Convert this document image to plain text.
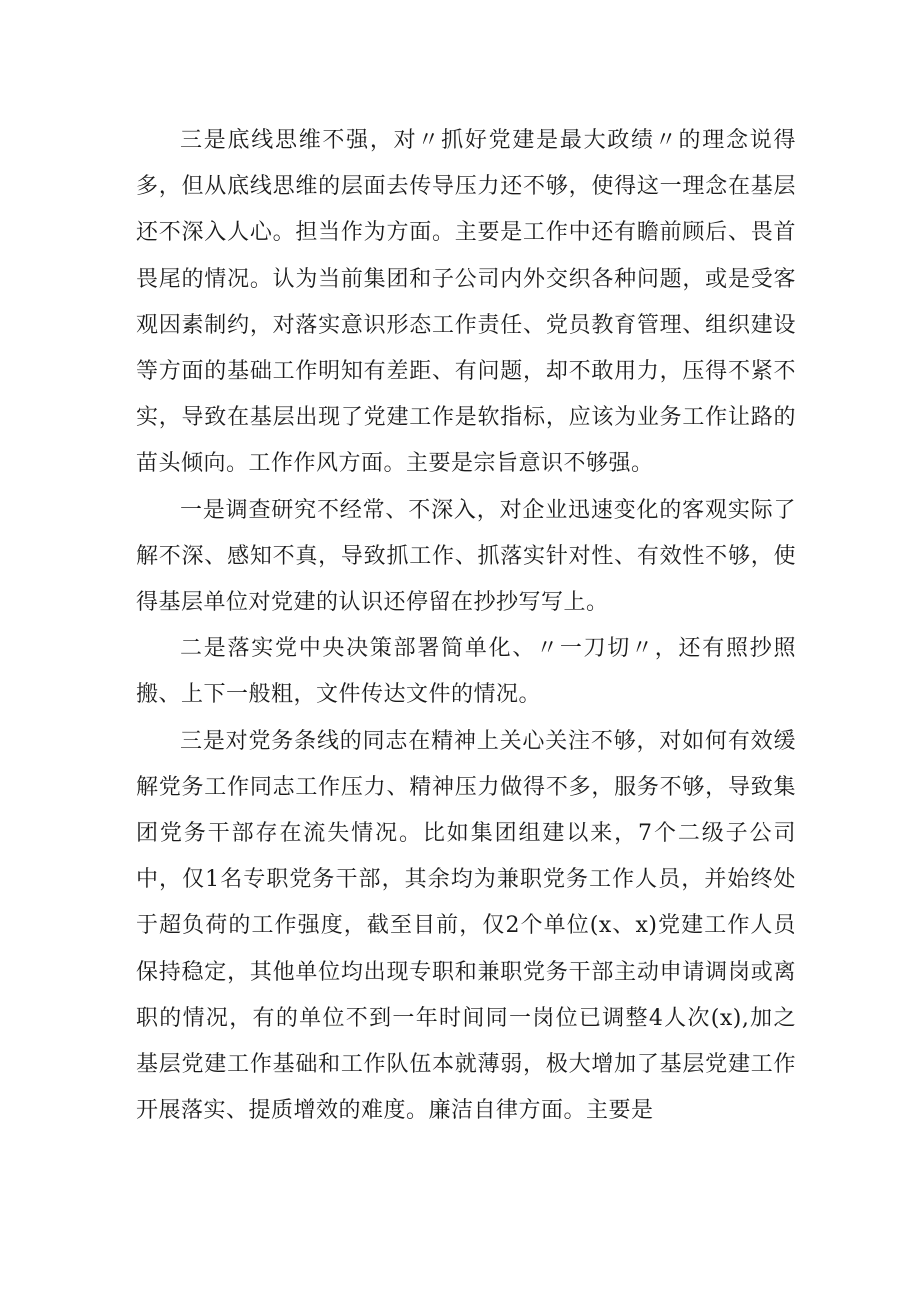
三是底线思维不强，对〃抓好党建是最大政绩〃的理念说得多，但从底线思维的层面去传导压力还不够，使得这一理念在基层还不深入人心。担当作为方面。主要是工作中还有瞻前顾后、畏首畏尾的情况。认为当前集团和子公司内外交织各种问题，或是受客观因素制约，对落实意识形态工作责任、党员教育管理、组织建设等方面的基础工作明知有差距、有问题，却不敢用力，压得不紧不实，导致在基层出现了党建工作是软指标，应该为业务工作让路的苗头倾向。工作作风方面。主要是宗旨意识不够强。

一是调查研究不经常、不深入，对企业迅速变化的客观实际了解不深、感知不真，导致抓工作、抓落实针对性、有效性不够，使得基层单位对党建的认识还停留在抄抄写写上。

二是落实党中央决策部署简单化、〃一刀切〃，还有照抄照搬、上下一般粗，文件传达文件的情况。

三是对党务条线的同志在精神上关心关注不够，对如何有效缓解党务工作同志工作压力、精神压力做得不多，服务不够，导致集团党务干部存在流失情况。比如集团组建以来，7个二级子公司中，仅1名专职党务干部，其余均为兼职党务工作人员，并始终处于超负荷的工作强度，截至目前，仅2个单位(x、x)党建工作人员保持稳定，其他单位均出现专职和兼职党务干部主动申请调岗或离职的情况，有的单位不到一年时间同一岗位已调整4人次(x),加之基层党建工作基础和工作队伍本就薄弱，极大增加了基层党建工作开展落实、提质增效的难度。廉洁自律方面。主要是
